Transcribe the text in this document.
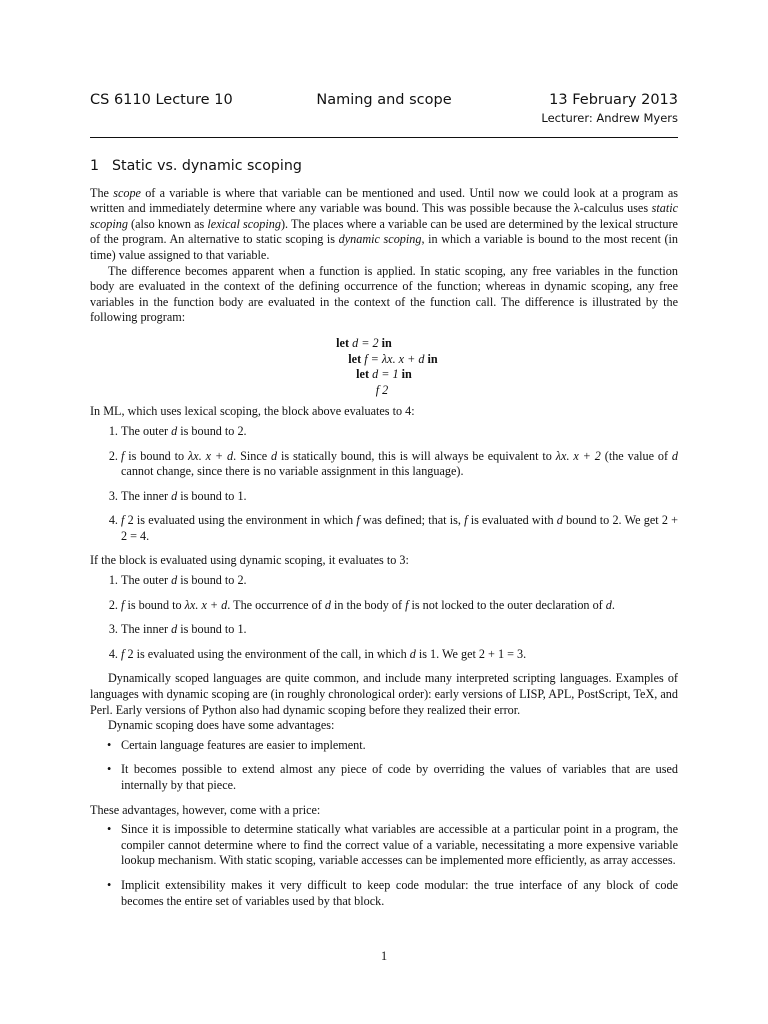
CS 6110 Lecture 10	Naming and scope	13 February 2013
Lecturer: Andrew Myers
1 Static vs. dynamic scoping

The scope of a variable is where that variable can be mentioned and used. Until now we could look at a program as written and immediately determine where any variable was bound. This was possible because the λ-calculus uses static scoping (also known as lexical scoping). The places where a variable can be used are determined by the lexical structure of the program. An alternative to static scoping is dynamic scoping, in which a variable is bound to the most recent (in time) value assigned to that variable.

The difference becomes apparent when a function is applied. In static scoping, any free variables in the function body are evaluated in the context of the defining occurrence of the function; whereas in dynamic scoping, any free variables in the function body are evaluated in the context of the function call. The difference is illustrated by the following program:

let d = 2 in
let f = λx. x + d in
let d = 1 in
f 2

In ML, which uses lexical scoping, the block above evaluates to 4:

1. The outer d is bound to 2.
2. f is bound to λx. x + d. Since d is statically bound, this is will always be equivalent to λx. x + 2 (the value of d cannot change, since there is no variable assignment in this language).
3. The inner d is bound to 1.
4. f 2 is evaluated using the environment in which f was defined; that is, f is evaluated with d bound to 2. We get 2 + 2 = 4.

If the block is evaluated using dynamic scoping, it evaluates to 3:

1. The outer d is bound to 2.
2. f is bound to λx. x + d. The occurrence of d in the body of f is not locked to the outer declaration of d.
3. The inner d is bound to 1.
4. f 2 is evaluated using the environment of the call, in which d is 1. We get 2 + 1 = 3.

Dynamically scoped languages are quite common, and include many interpreted scripting languages. Examples of languages with dynamic scoping are (in roughly chronological order): early versions of LISP, APL, PostScript, TeX, and Perl. Early versions of Python also had dynamic scoping before they realized their error.

Dynamic scoping does have some advantages:

• Certain language features are easier to implement.
• It becomes possible to extend almost any piece of code by overriding the values of variables that are used internally by that piece.

These advantages, however, come with a price:

• Since it is impossible to determine statically what variables are accessible at a particular point in a program, the compiler cannot determine where to find the correct value of a variable, necessitating a more expensive variable lookup mechanism. With static scoping, variable accesses can be implemented more efficiently, as array accesses.
• Implicit extensibility makes it very difficult to keep code modular: the true interface of any block of code becomes the entire set of variables used by that block.
1
